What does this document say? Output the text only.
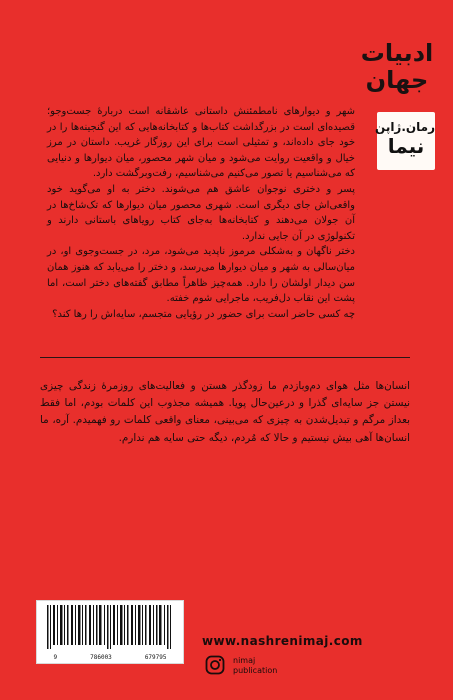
ادبیات
جهان
رمان.ژاپن
نیما

شهر و دیوارهای نامطمئنش داستانی عاشقانه است دربارهٔ جست‌وجو؛ قصیده‌ای است در بزرگداشت کتاب‌ها و کتابخانه‌هایی که این گنجینه‌ها را در خود جای داده‌اند، و تمثیلی است برای این روزگار غریب. داستان در مرز خیال و واقعیت روایت می‌شود و میان شهر محصور، میان دیوارها و دنیایی که می‌شناسیم یا تصور می‌کنیم می‌شناسیم، رفت‌وبرگشت دارد.

پسر و دختری نوجوان عاشق هم می‌شوند. دختر به او می‌گوید خود واقعی‌اش جای دیگری است. شهری محصور میان دیوارها که تک‌شاخ‌ها در آن جولان می‌دهند و کتابخانه‌ها به‌جای کتاب رویاهای باستانی دارند و تکنولوژی در آن جایی ندارد.

دختر ناگهان و به‌شکلی مرموز ناپدید می‌شود، مرد، در جست‌وجوی او، در میان‌سالی به شهر و میان دیوارها می‌رسد، و دختر را می‌یابد که هنوز همان سن دیدار اولشان را دارد. همه‌چیز ظاهراً مطابق گفته‌های دختر است، اما پشت این نقاب دل‌فریب، ماجرایی شوم خفته.

چه کسی حاضر است برای حضور در رؤیایی متجسم، سایه‌اش را رها کند؟

انسان‌ها مثل هوای دم‌وبازدم ما زودگذر هستن و فعالیت‌های روزمرهٔ زندگی چیزی نیستن جز سایه‌ای گذرا و درعین‌حال پویا. همیشه مجذوب این کلمات بودم، اما فقط بعداز مرگم و تبدیل‌شدن به چیزی که می‌بینی، معنای واقعی کلمات رو فهمیدم. آره، ما انسان‌ها آهی بیش نیستیم و حالا که مُردم، دیگه حتی سایه هم ندارم.
9	786003	679795
www.nashrenimaj.com
nimaj
publication
